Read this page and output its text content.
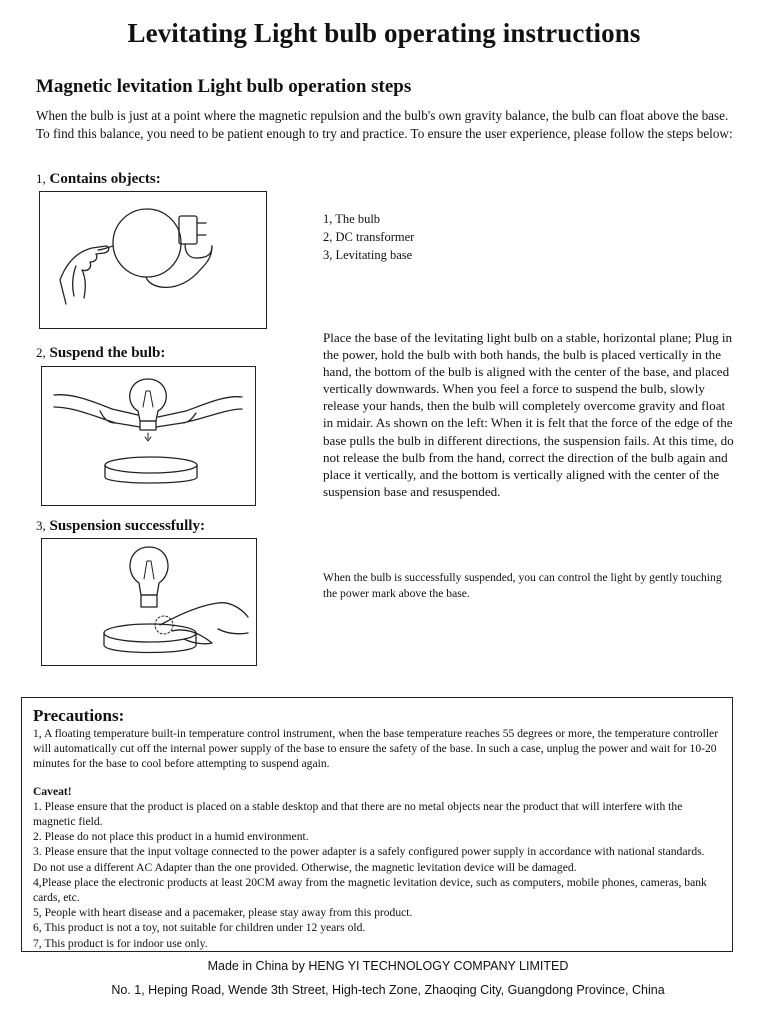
Levitating Light bulb operating instructions
Magnetic levitation Light bulb operation steps
When the bulb is just at a point where the magnetic repulsion and the bulb's own gravity balance, the bulb can float above the base. To find this balance, you need to be patient enough to try and practice. To ensure the user experience, please follow the steps below:
1, Contains objects:
1, The bulb
2, DC transformer
3, Levitating base
2, Suspend the bulb:
Place the base of the levitating light bulb on a stable, horizontal plane; Plug in the power, hold the bulb with both hands, the bulb is placed vertically in the hand, the bottom of the bulb is aligned with the center of the base, and placed vertically downwards. When you feel a force to suspend the bulb, slowly release your hands, then the bulb will completely overcome gravity and float in midair. As shown on the left: When it is felt that the force of the edge of the base pulls the bulb in different directions, the suspension fails. At this time, do not release the bulb from the hand, correct the direction of the bulb again and place it vertically, and the bottom is vertically aligned with the center of the suspension base and resuspended.
3, Suspension successfully:
When the bulb is successfully suspended, you can control the light by gently touching the power mark above the base.
Precautions:

1, A floating temperature built-in temperature control instrument, when the base temperature reaches 55 degrees or more, the temperature controller will automatically cut off the internal power supply of the base to ensure the safety of the base. In such a case, unplug the power and wait for 10-20 minutes for the base to cool before attempting to suspend again.

Caveat!

1. Please ensure that the product is placed on a stable desktop and that there are no metal objects near the product that will interfere with the magnetic field.

2. Please do not place this product in a humid environment.

3. Please ensure that the input voltage connected to the power adapter is a safely configured power supply in accordance with national standards. Do not use a different AC Adapter than the one provided. Otherwise, the magnetic levitation device will be damaged.

4,Please place the electronic products at least 20CM away from the magnetic levitation device, such as computers, mobile phones, cameras, bank cards, etc.

5, People with heart disease and a pacemaker, please stay away from this product.

6, This product is not a toy, not suitable for children under 12 years old.

7, This product is for indoor use only.

Made in China by HENG YI TECHNOLOGY COMPANY LIMITED
No. 1, Heping Road, Wende 3th Street, High-tech Zone, Zhaoqing City, Guangdong Province, China
